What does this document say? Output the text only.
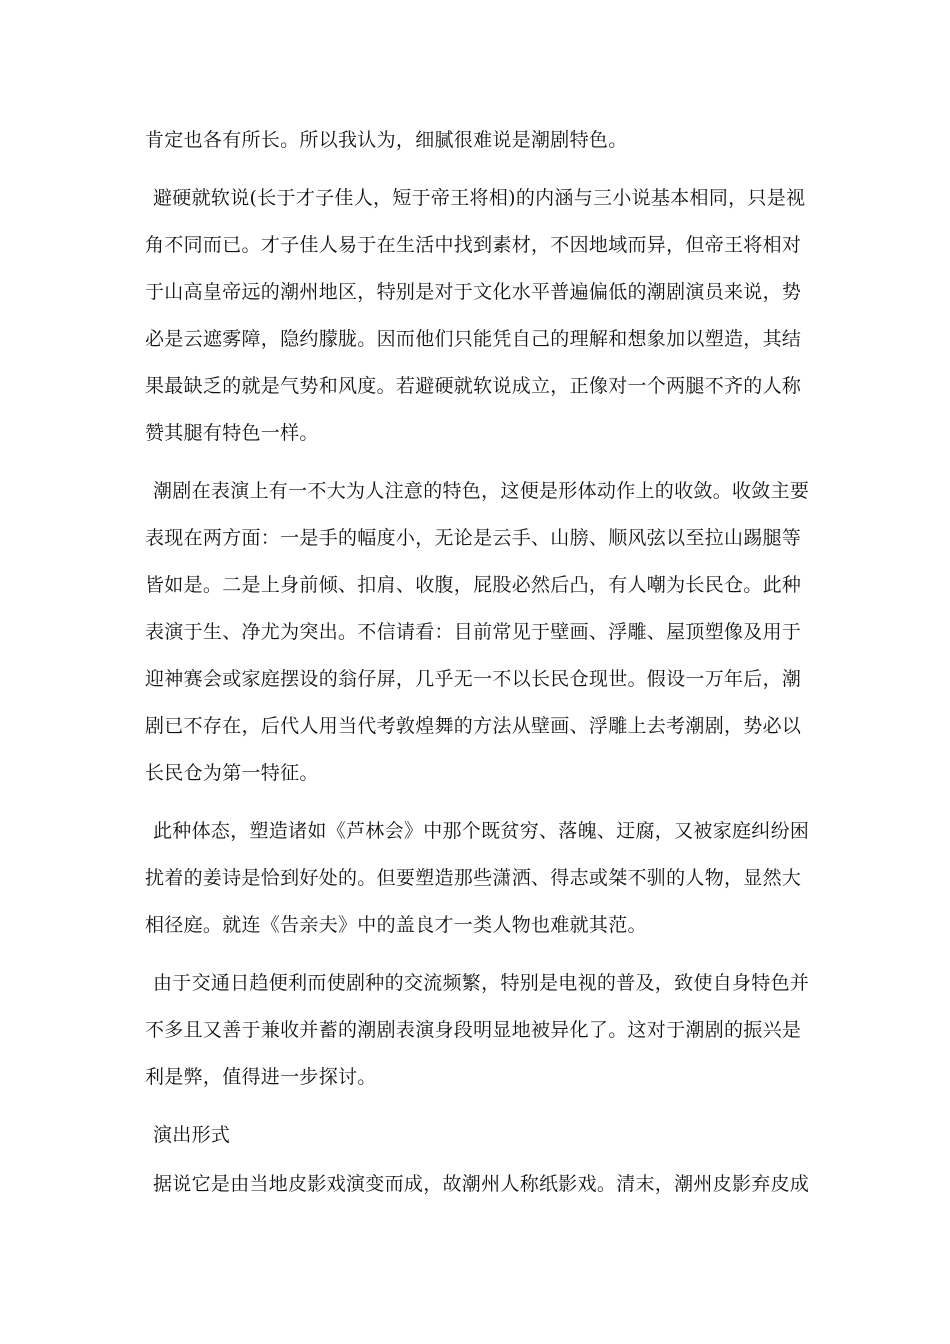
肯定也各有所长。所以我认为，细腻很难说是潮剧特色。
避硬就软说(长于才子佳人，短于帝王将相)的内涵与三小说基本相同，只是视
角不同而已。才子佳人易于在生活中找到素材，不因地域而异，但帝王将相对
于山高皇帝远的潮州地区，特别是对于文化水平普遍偏低的潮剧演员来说，势
必是云遮雾障，隐约朦胧。因而他们只能凭自己的理解和想象加以塑造，其结
果最缺乏的就是气势和风度。若避硬就软说成立，正像对一个两腿不齐的人称
赞其腿有特色一样。
潮剧在表演上有一不大为人注意的特色，这便是形体动作上的收敛。收敛主要
表现在两方面：一是手的幅度小，无论是云手、山膀、顺风弦以至拉山踢腿等
皆如是。二是上身前倾、扣肩、收腹，屁股必然后凸，有人嘲为长民仓。此种
表演于生、净尤为突出。不信请看：目前常见于壁画、浮雕、屋顶塑像及用于
迎神赛会或家庭摆设的翁仔屏，几乎无一不以长民仓现世。假设一万年后，潮
剧已不存在，后代人用当代考敦煌舞的方法从壁画、浮雕上去考潮剧，势必以
长民仓为第一特征。
此种体态，塑造诸如《芦林会》中那个既贫穷、落魄、迂腐，又被家庭纠纷困
扰着的姜诗是恰到好处的。但要塑造那些潇洒、得志或桀不驯的人物，显然大
相径庭。就连《告亲夫》中的盖良才一类人物也难就其范。
由于交通日趋便利而使剧种的交流频繁，特别是电视的普及，致使自身特色并
不多且又善于兼收并蓄的潮剧表演身段明显地被异化了。这对于潮剧的振兴是
利是弊，值得进一步探讨。
演出形式
据说它是由当地皮影戏演变而成，故潮州人称纸影戏。清末，潮州皮影弃皮成
